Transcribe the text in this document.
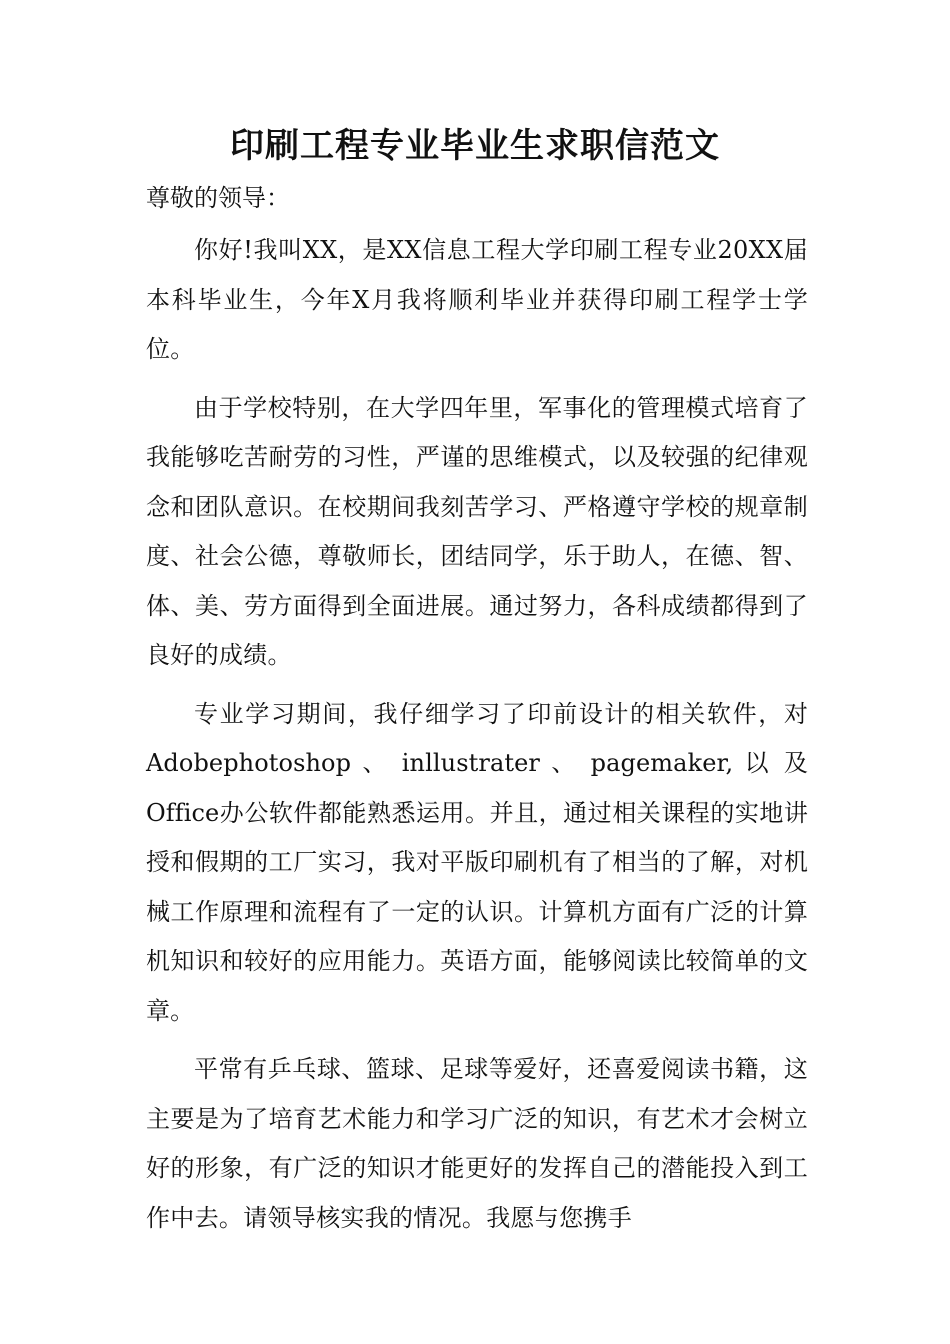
印刷工程专业毕业生求职信范文

尊敬的领导：

你好!我叫XX，是XX信息工程大学印刷工程专业20XX届本科毕业生，今年X月我将顺利毕业并获得印刷工程学士学位。

由于学校特别，在大学四年里，军事化的管理模式培育了我能够吃苦耐劳的习性，严谨的思维模式，以及较强的纪律观念和团队意识。在校期间我刻苦学习、严格遵守学校的规章制度、社会公德，尊敬师长，团结同学，乐于助人，在德、智、体、美、劳方面得到全面进展。通过努力，各科成绩都得到了良好的成绩。

专业学习期间，我仔细学习了印前设计的相关软件，对 Adobephotoshop 、 inllustrater 、 pagemaker, 以 及Office办公软件都能熟悉运用。并且，通过相关课程的实地讲授和假期的工厂实习，我对平版印刷机有了相当的了解，对机械工作原理和流程有了一定的认识。计算机方面有广泛的计算机知识和较好的应用能力。英语方面，能够阅读比较简单的文章。

平常有乒乓球、篮球、足球等爱好，还喜爱阅读书籍，这主要是为了培育艺术能力和学习广泛的知识，有艺术才会树立好的形象，有广泛的知识才能更好的发挥自己的潜能投入到工作中去。请领导核实我的情况。我愿与您携手
